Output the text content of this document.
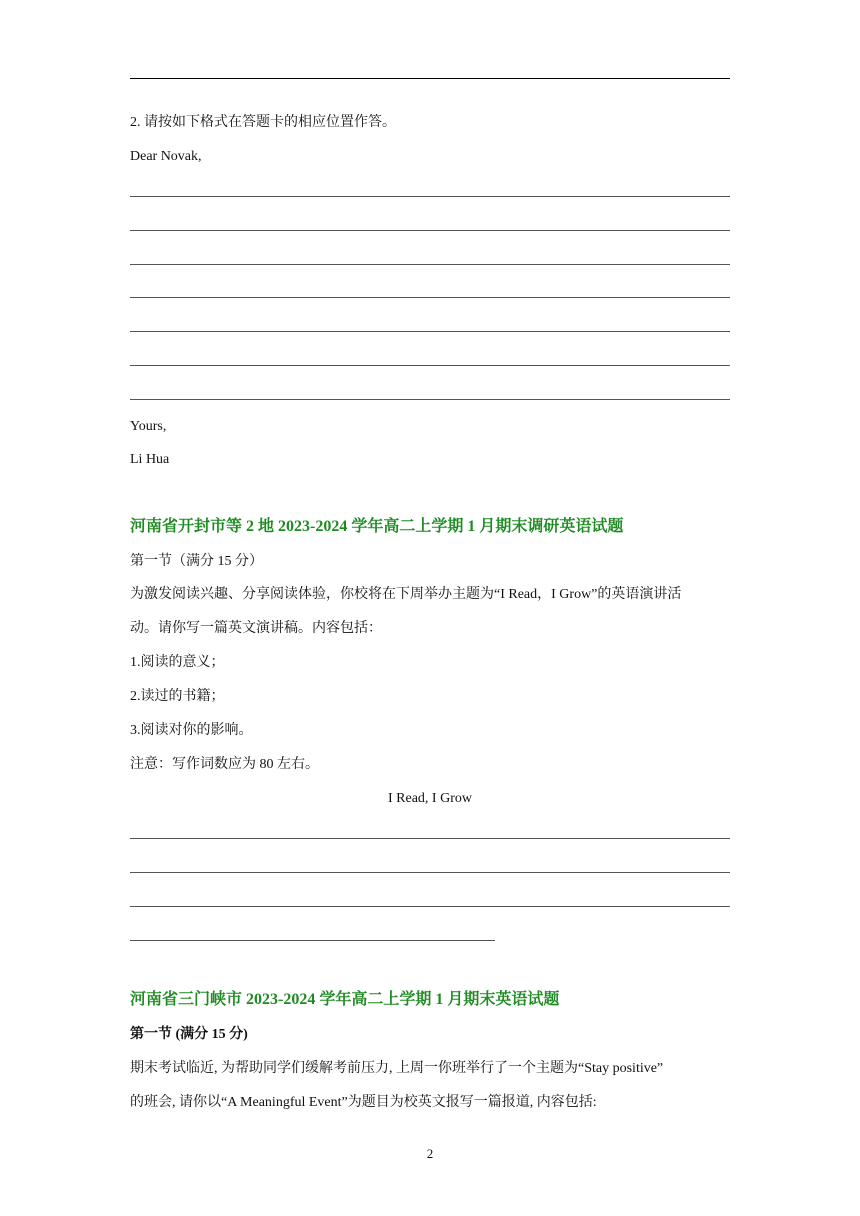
2. 请按如下格式在答题卡的相应位置作答。
Dear Novak,
Yours,
Li Hua
河南省开封市等 2 地 2023-2024 学年高二上学期 1 月期末调研英语试题
第一节（满分 15 分）
为激发阅读兴趣、分享阅读体验，你校将在下周举办主题为“I Read，I Grow”的英语演讲活
动。请你写一篇英文演讲稿。内容包括：
1.阅读的意义；
2.读过的书籍；
3.阅读对你的影响。
注意：写作词数应为 80 左右。
I Read, I Grow
河南省三门峡市 2023-2024 学年高二上学期 1 月期末英语试题
第一节 (满分 15 分)
期末考试临近, 为帮助同学们缓解考前压力, 上周一你班举行了一个主题为“Stay positive”
的班会, 请你以“A Meaningful Event”为题目为校英文报写一篇报道, 内容包括:
2
